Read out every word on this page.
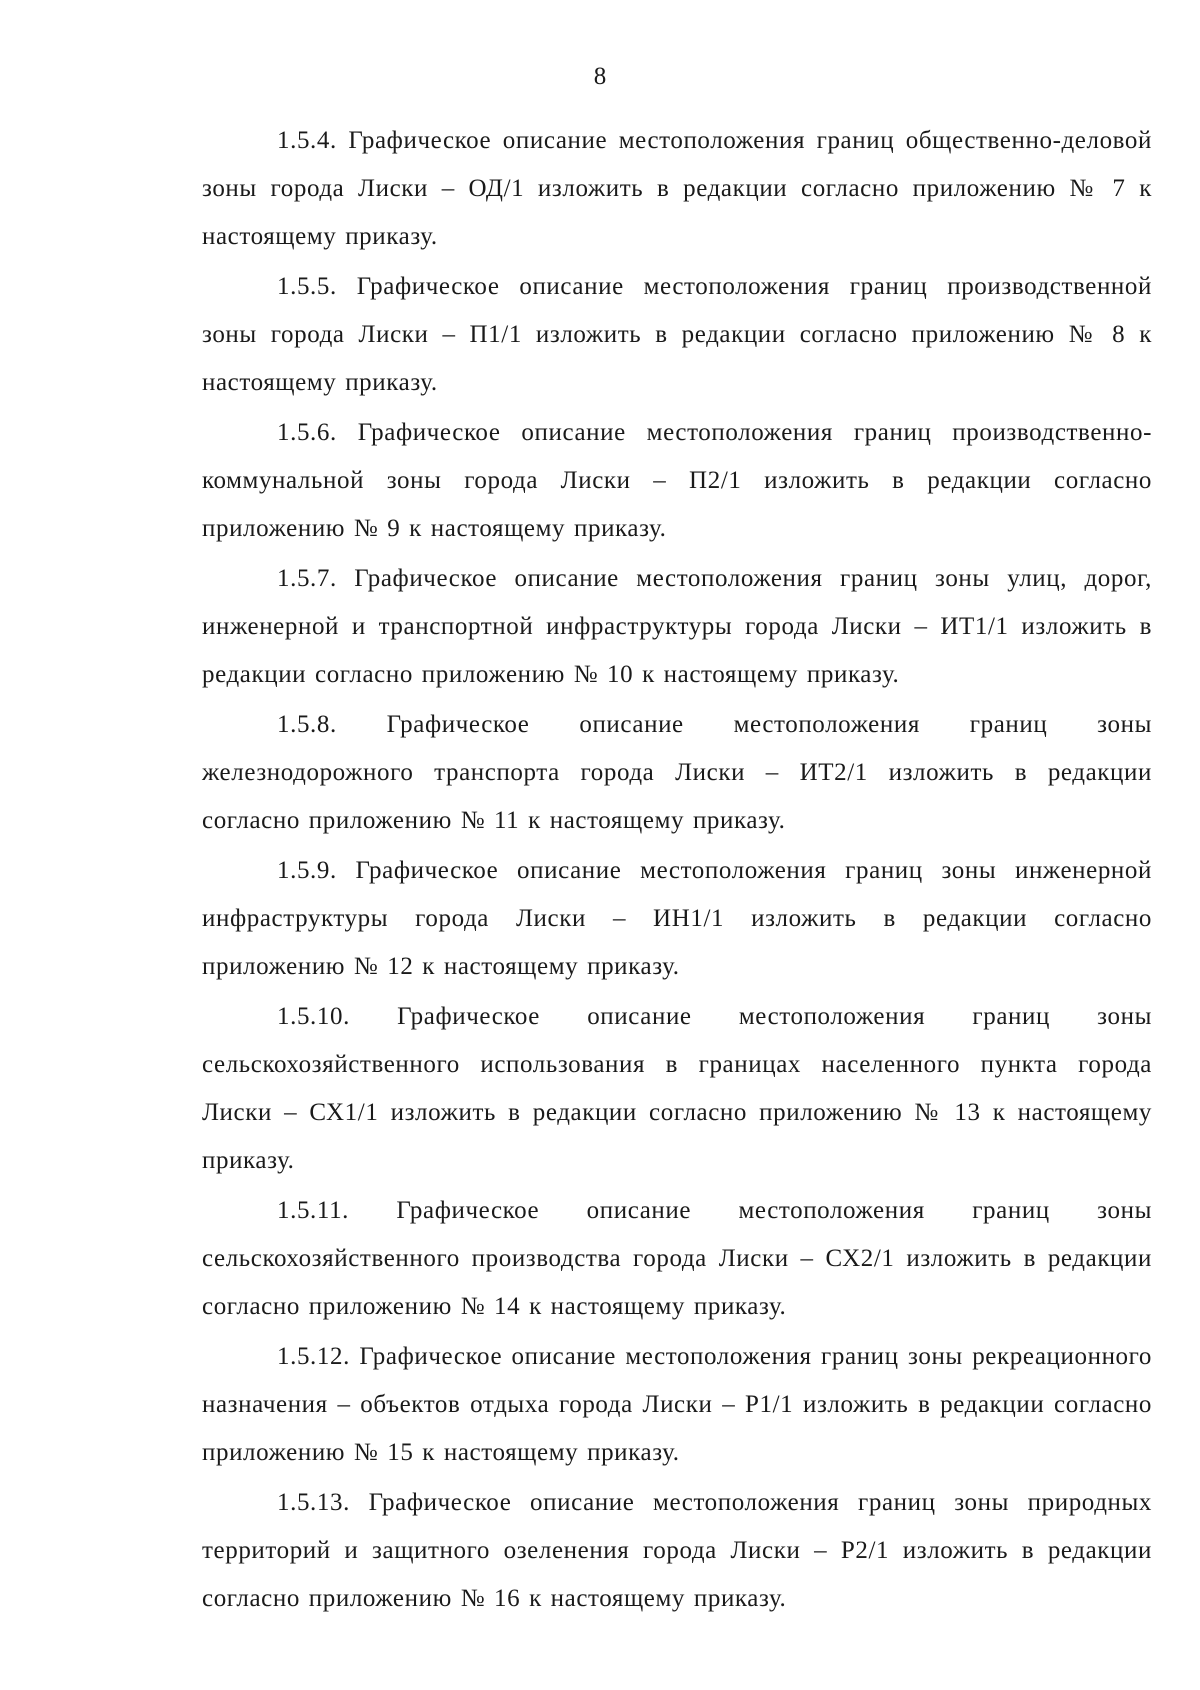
8

1.5.4. Графическое описание местоположения границ общественно-деловой зоны города Лиски – ОД/1 изложить в редакции согласно приложению № 7 к настоящему приказу.

1.5.5. Графическое описание местоположения границ производственной зоны города Лиски – П1/1 изложить в редакции согласно приложению № 8 к настоящему приказу.

1.5.6. Графическое описание местоположения границ производственно-коммунальной зоны города Лиски – П2/1 изложить в редакции согласно приложению № 9 к настоящему приказу.

1.5.7. Графическое описание местоположения границ зоны улиц, дорог, инженерной и транспортной инфраструктуры города Лиски – ИТ1/1 изложить в редакции согласно приложению № 10 к настоящему приказу.

1.5.8. Графическое описание местоположения границ зоны железнодорожного транспорта города Лиски – ИТ2/1 изложить в редакции согласно приложению № 11 к настоящему приказу.

1.5.9. Графическое описание местоположения границ зоны инженерной инфраструктуры города Лиски – ИН1/1 изложить в редакции согласно приложению № 12 к настоящему приказу.

1.5.10. Графическое описание местоположения границ зоны сельскохозяйственного использования в границах населенного пункта города Лиски – СХ1/1 изложить в редакции согласно приложению № 13 к настоящему приказу.

1.5.11. Графическое описание местоположения границ зоны сельскохозяйственного производства города Лиски – СХ2/1 изложить в редакции согласно приложению № 14 к настоящему приказу.

1.5.12. Графическое описание местоположения границ зоны рекреационного назначения – объектов отдыха города Лиски – Р1/1 изложить в редакции согласно приложению № 15 к настоящему приказу.

1.5.13. Графическое описание местоположения границ зоны природных территорий и защитного озеленения города Лиски – Р2/1 изложить в редакции согласно приложению № 16 к настоящему приказу.
